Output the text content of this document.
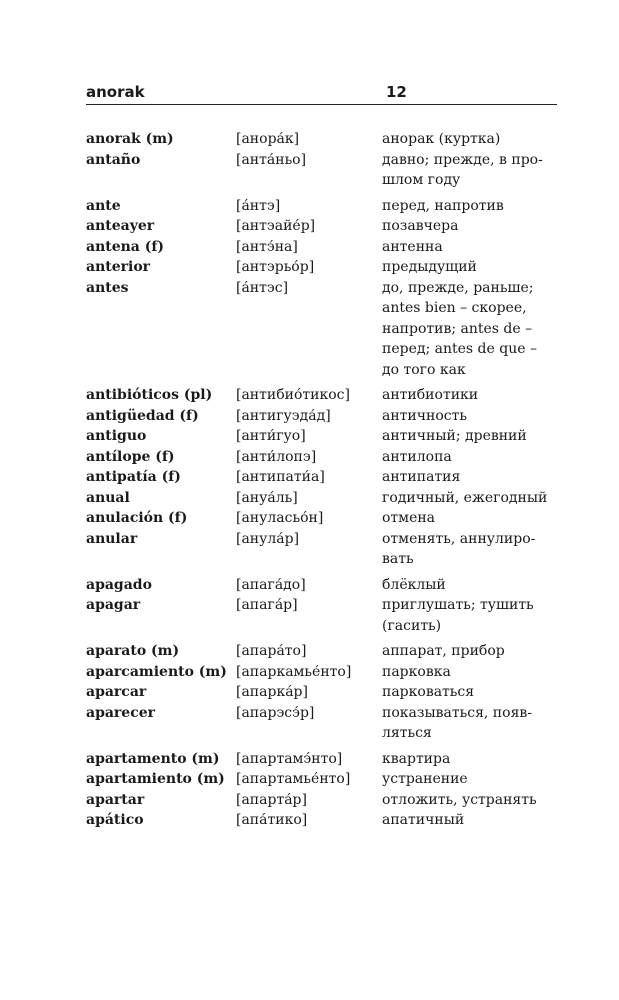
anorak	12
anorak (m)	[анора́к]	анорак (куртка)
antaño	[анта́ньо]	давно; прежде, в про-
шлом году
ante	[а́нтэ]	перед, напротив
anteayer	[антэайе́р]	позавчера
antena (f)	[антэ́на]	антенна
anterior	[антэрьо́р]	предыдущий
antes	[а́нтэс]	до, прежде, раньше;
antes bien – скорее,
напротив; antes de –
перед; antes de que –
до того как
antibióticos (pl)	[антибио́тикос]	антибиотики
antigüedad (f)	[антигуэда́д]	античность
antiguo	[анти́гуо]	античный; древний
antílope (f)	[анти́лопэ]	антилопа
antipatía (f)	[антипати́а]	антипатия
anual	[ануа́ль]	годичный, ежегодный
anulación (f)	[ануласьо́н]	отмена
anular	[анула́р]	отменять, аннулиро-
вать
apagado	[апага́до]	блёклый
apagar	[апага́р]	приглушать; тушить
(гасить)
aparato (m)	[апара́то]	аппарат, прибор
aparcamiento (m) [апаркамье́нто]	парковка
aparcar	[апарка́р]	парковаться
aparecer	[апарэсэ́р]	показываться, появ-
ляться
apartamento (m)	[апартамэ́нто]	квартира
apartamiento (m) [апартамье́нто]	устранение
apartar	[апарта́р]	отложить, устранять
apático	[апа́тико]	апатичный
